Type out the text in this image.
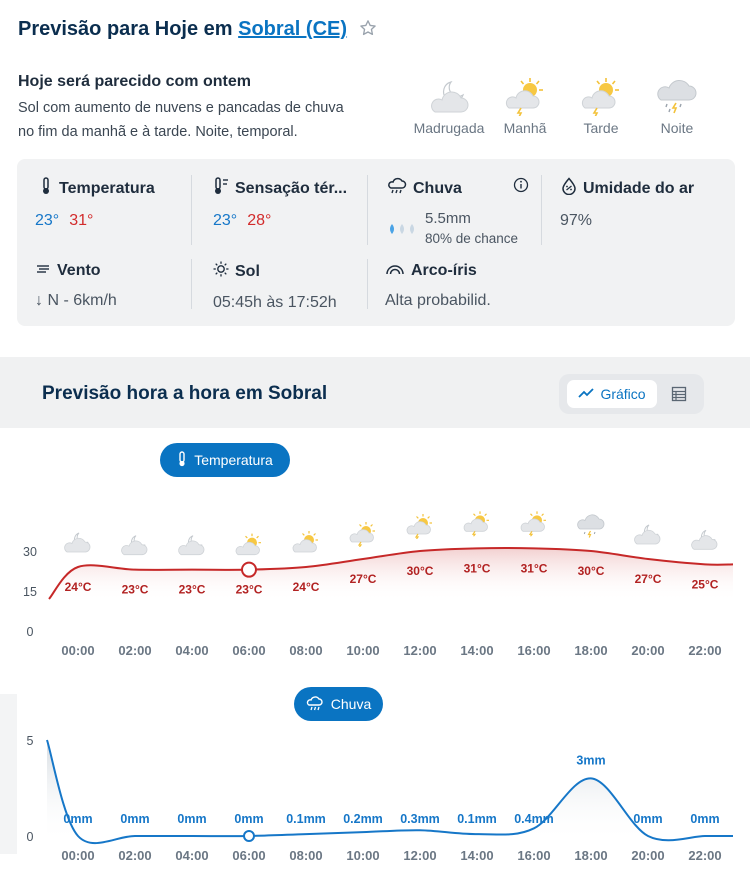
Previsão para Hoje em Sobral (CE)
Hoje será parecido com ontem
Sol com aumento de nuvens e pancadas de chuva
no fim da manhã e à tarde. Noite, temporal.	Madrugada	Manhã	Tarde	Noite
Temperatura
23° 31°
Sensação tér...
23° 28°
Chuva
5.5mm
80% de chance
Umidade do ar
97%
Vento
↓ N - 6km/h
Sol
05:45h às 17:52h
Arco-íris
Alta probabilid.
Previsão hora a hora em Sobral	Gráfico
Temperatura
30
15
0
24°C
00:00
23°C
02:00
23°C
04:00
23°C
06:00
24°C
08:00
27°C
10:00
30°C
12:00
31°C
14:00
31°C
16:00
30°C
18:00
27°C
20:00
25°C
22:00
Chuva
5
0
0mm
00:00
0mm
02:00
0mm
04:00
0mm
06:00
0.1mm
08:00
0.2mm
10:00
0.3mm
12:00
0.1mm
14:00
0.4mm
16:00
3mm
18:00
0mm
20:00
0mm
22:00
